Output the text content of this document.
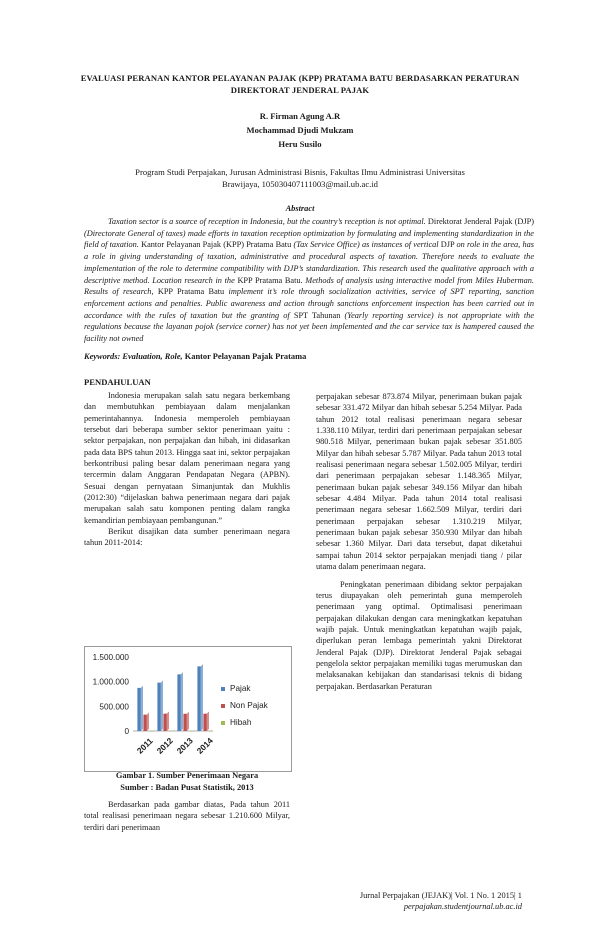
EVALUASI PERANAN KANTOR PELAYANAN PAJAK (KPP) PRATAMA BATU BERDASARKAN PERATURAN DIREKTORAT JENDERAL PAJAK
R. Firman Agung A.R
Mochammad Djudi Mukzam
Heru Susilo
Program Studi Perpajakan, Jurusan Administrasi Bisnis, Fakultas Ilmu Administrasi Universitas
Brawijaya, 105030407111003@mail.ub.ac.id
Abstract
Taxation sector is a source of reception in Indonesia, but the country’s reception is not optimal. Direktorat Jenderal Pajak (DJP) (Directorate General of taxes) made efforts in taxation reception optimization by formulating and implementing standardization in the field of taxation. Kantor Pelayanan Pajak (KPP) Pratama Batu (Tax Service Office) as instances of vertical DJP on role in the area, has a role in giving understanding of taxation, administrative and procedural aspects of taxation. Therefore needs to evaluate the implementation of the role to determine compatibility with DJP’s standardization. This research used the qualitative approach with a descriptive method. Location research in the KPP Pratama Batu. Methods of analysis using interactive model from Miles Huberman. Results of research, KPP Pratama Batu implement it’s role through socialization activities, service of SPT reporting, sanction enforcement actions and penalties. Public awareness and action through sanctions enforcement inspection has been carried out in accordance with the rules of taxation but the granting of SPT Tahunan (Yearly reporting service) is not appropriate with the regulations because the layanan pojok (service corner) has not yet been implemented and the car service tax is hampered caused the facility not owned
Keywords: Evaluation, Role, Kantor Pelayanan Pajak Pratama
PENDAHULUAN

Indonesia merupakan salah satu negara berkembang dan membutuhkan pembiayaan dalam menjalankan pemerintahannya. Indonesia memperoleh pembiayaan tersebut dari beberapa sumber sektor penerimaan yaitu : sektor perpajakan, non perpajakan dan hibah, ini didasarkan pada data BPS tahun 2013. Hingga saat ini, sektor perpajakan berkontribusi paling besar dalam penerimaan negara yang tercermin dalam Anggaran Pendapatan Negara (APBN). Sesuai dengan pernyataan Simanjuntak dan Mukhlis (2012:30) “dijelaskan bahwa penerimaan negara dari pajak merupakan salah satu komponen penting dalam rangka kemandirian pembiayaan pembangunan.”

Berikut disajikan data sumber penerimaan negara tahun 2011-2014:

0
500.000
1.000.000
1.500.000
2011 2012 2013 2014
Pajak
Non Pajak
Hibah
Gambar 1. Sumber Penerimaan Negara
Sumber : Badan Pusat Statistik, 2013

Berdasarkan pada gambar diatas, Pada tahun 2011 total realisasi penerimaan negara sebesar 1.210.600 Milyar, terdiri dari penerimaan

perpajakan sebesar 873.874 Milyar, penerimaan bukan pajak sebesar 331.472 Milyar dan hibah sebesar 5.254 Milyar. Pada tahun 2012 total realisasi penerimaan negara sebesar 1.338.110 Milyar, terdiri dari penerimaan perpajakan sebesar 980.518 Milyar, penerimaan bukan pajak sebesar 351.805 Milyar dan hibah sebesar 5.787 Milyar. Pada tahun 2013 total realisasi penerimaan negara sebesar 1.502.005 Milyar, terdiri dari penerimaan perpajakan sebesar 1.148.365 Milyar, penerimaan bukan pajak sebesar 349.156 Milyar dan hibah sebesar 4.484 Milyar. Pada tahun 2014 total realisasi penerimaan negara sebesar 1.662.509 Milyar, terdiri dari penerimaan perpajakan sebesar 1.310.219 Milyar, penerimaan bukan pajak sebesar 350.930 Milyar dan hibah sebesar 1.360 Milyar. Dari data tersebut, dapat diketahui sampai tahun 2014 sektor perpajakan menjadi tiang / pilar utama dalam penerimaan negara.

Peningkatan penerimaan dibidang sektor perpajakan terus diupayakan oleh pemerintah guna memperoleh penerimaan yang optimal. Optimalisasi penerimaan perpajakan dilakukan dengan cara meningkatkan kepatuhan wajib pajak. Untuk meningkatkan kepatuhan wajib pajak, diperlukan peran lembaga pemerintah yakni Direktorat Jenderal Pajak (DJP). Direktorat Jenderal Pajak sebagai pengelola sektor perpajakan memiliki tugas merumuskan dan melaksanakan kebijakan dan standarisasi teknis di bidang perpajakan. Berdasarkan Peraturan

Jurnal Perpajakan (JEJAK)| Vol. 1 No. 1 2015| 1
perpajakan.studentjournal.ub.ac.id
